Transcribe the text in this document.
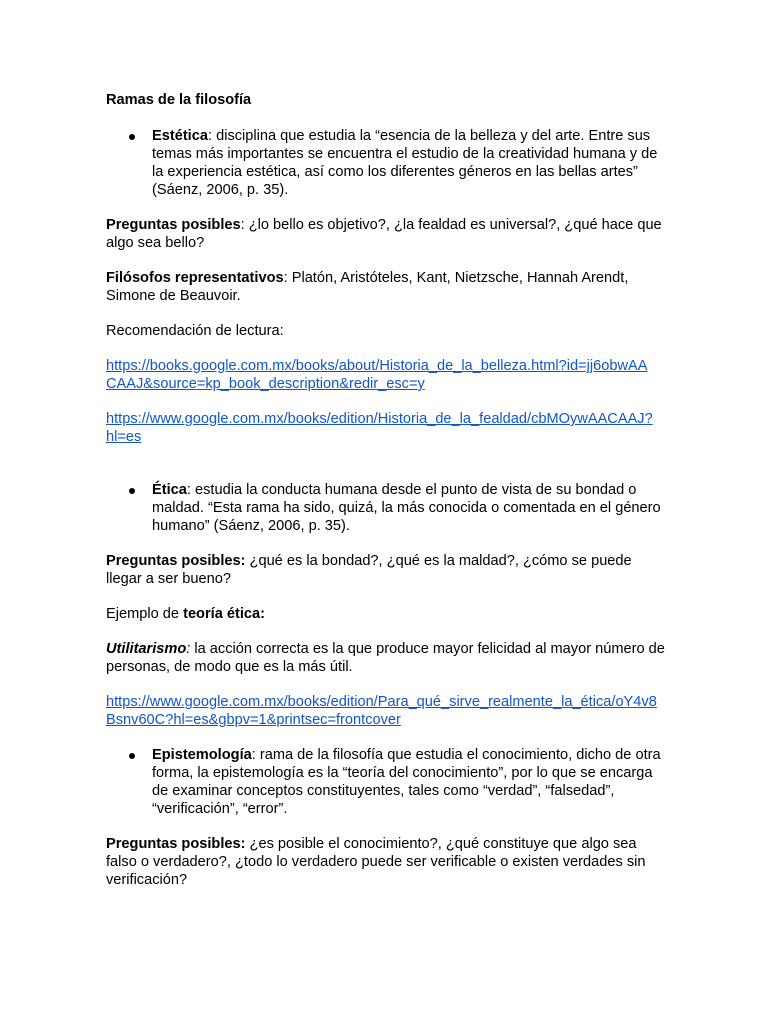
Ramas de la filosofía

Estética: disciplina que estudia la “esencia de la belleza y del arte. Entre sus temas más importantes se encuentra el estudio de la creatividad humana y de la experiencia estética, así como los diferentes géneros en las bellas artes” (Sáenz, 2006, p. 35).

Preguntas posibles: ¿lo bello es objetivo?, ¿la fealdad es universal?, ¿qué hace que algo sea bello?

Filósofos representativos: Platón, Aristóteles, Kant, Nietzsche, Hannah Arendt, Simone de Beauvoir.

Recomendación de lectura:

https://books.google.com.mx/books/about/Historia_de_la_belleza.html?id=jj6obwAACAAJ&source=kp_book_description&redir_esc=y

https://www.google.com.mx/books/edition/Historia_de_la_fealdad/cbMOywAACAAJ?hl=es

Ética: estudia la conducta humana desde el punto de vista de su bondad o maldad. “Esta rama ha sido, quizá, la más conocida o comentada en el género humano” (Sáenz, 2006, p. 35).

Preguntas posibles: ¿qué es la bondad?, ¿qué es la maldad?, ¿cómo se puede llegar a ser bueno?

Ejemplo de teoría ética:

Utilitarismo: la acción correcta es la que produce mayor felicidad al mayor número de personas, de modo que es la más útil.

https://www.google.com.mx/books/edition/Para_qué_sirve_realmente_la_ética/oY4v8Bsnv60C?hl=es&gbpv=1&printsec=frontcover

Epistemología: rama de la filosofía que estudia el conocimiento, dicho de otra forma, la epistemología es la “teoría del conocimiento”, por lo que se encarga de examinar conceptos constituyentes, tales como “verdad”, “falsedad”, “verificación”, “error”.

Preguntas posibles: ¿es posible el conocimiento?, ¿qué constituye que algo sea falso o verdadero?, ¿todo lo verdadero puede ser verificable o existen verdades sin verificación?
